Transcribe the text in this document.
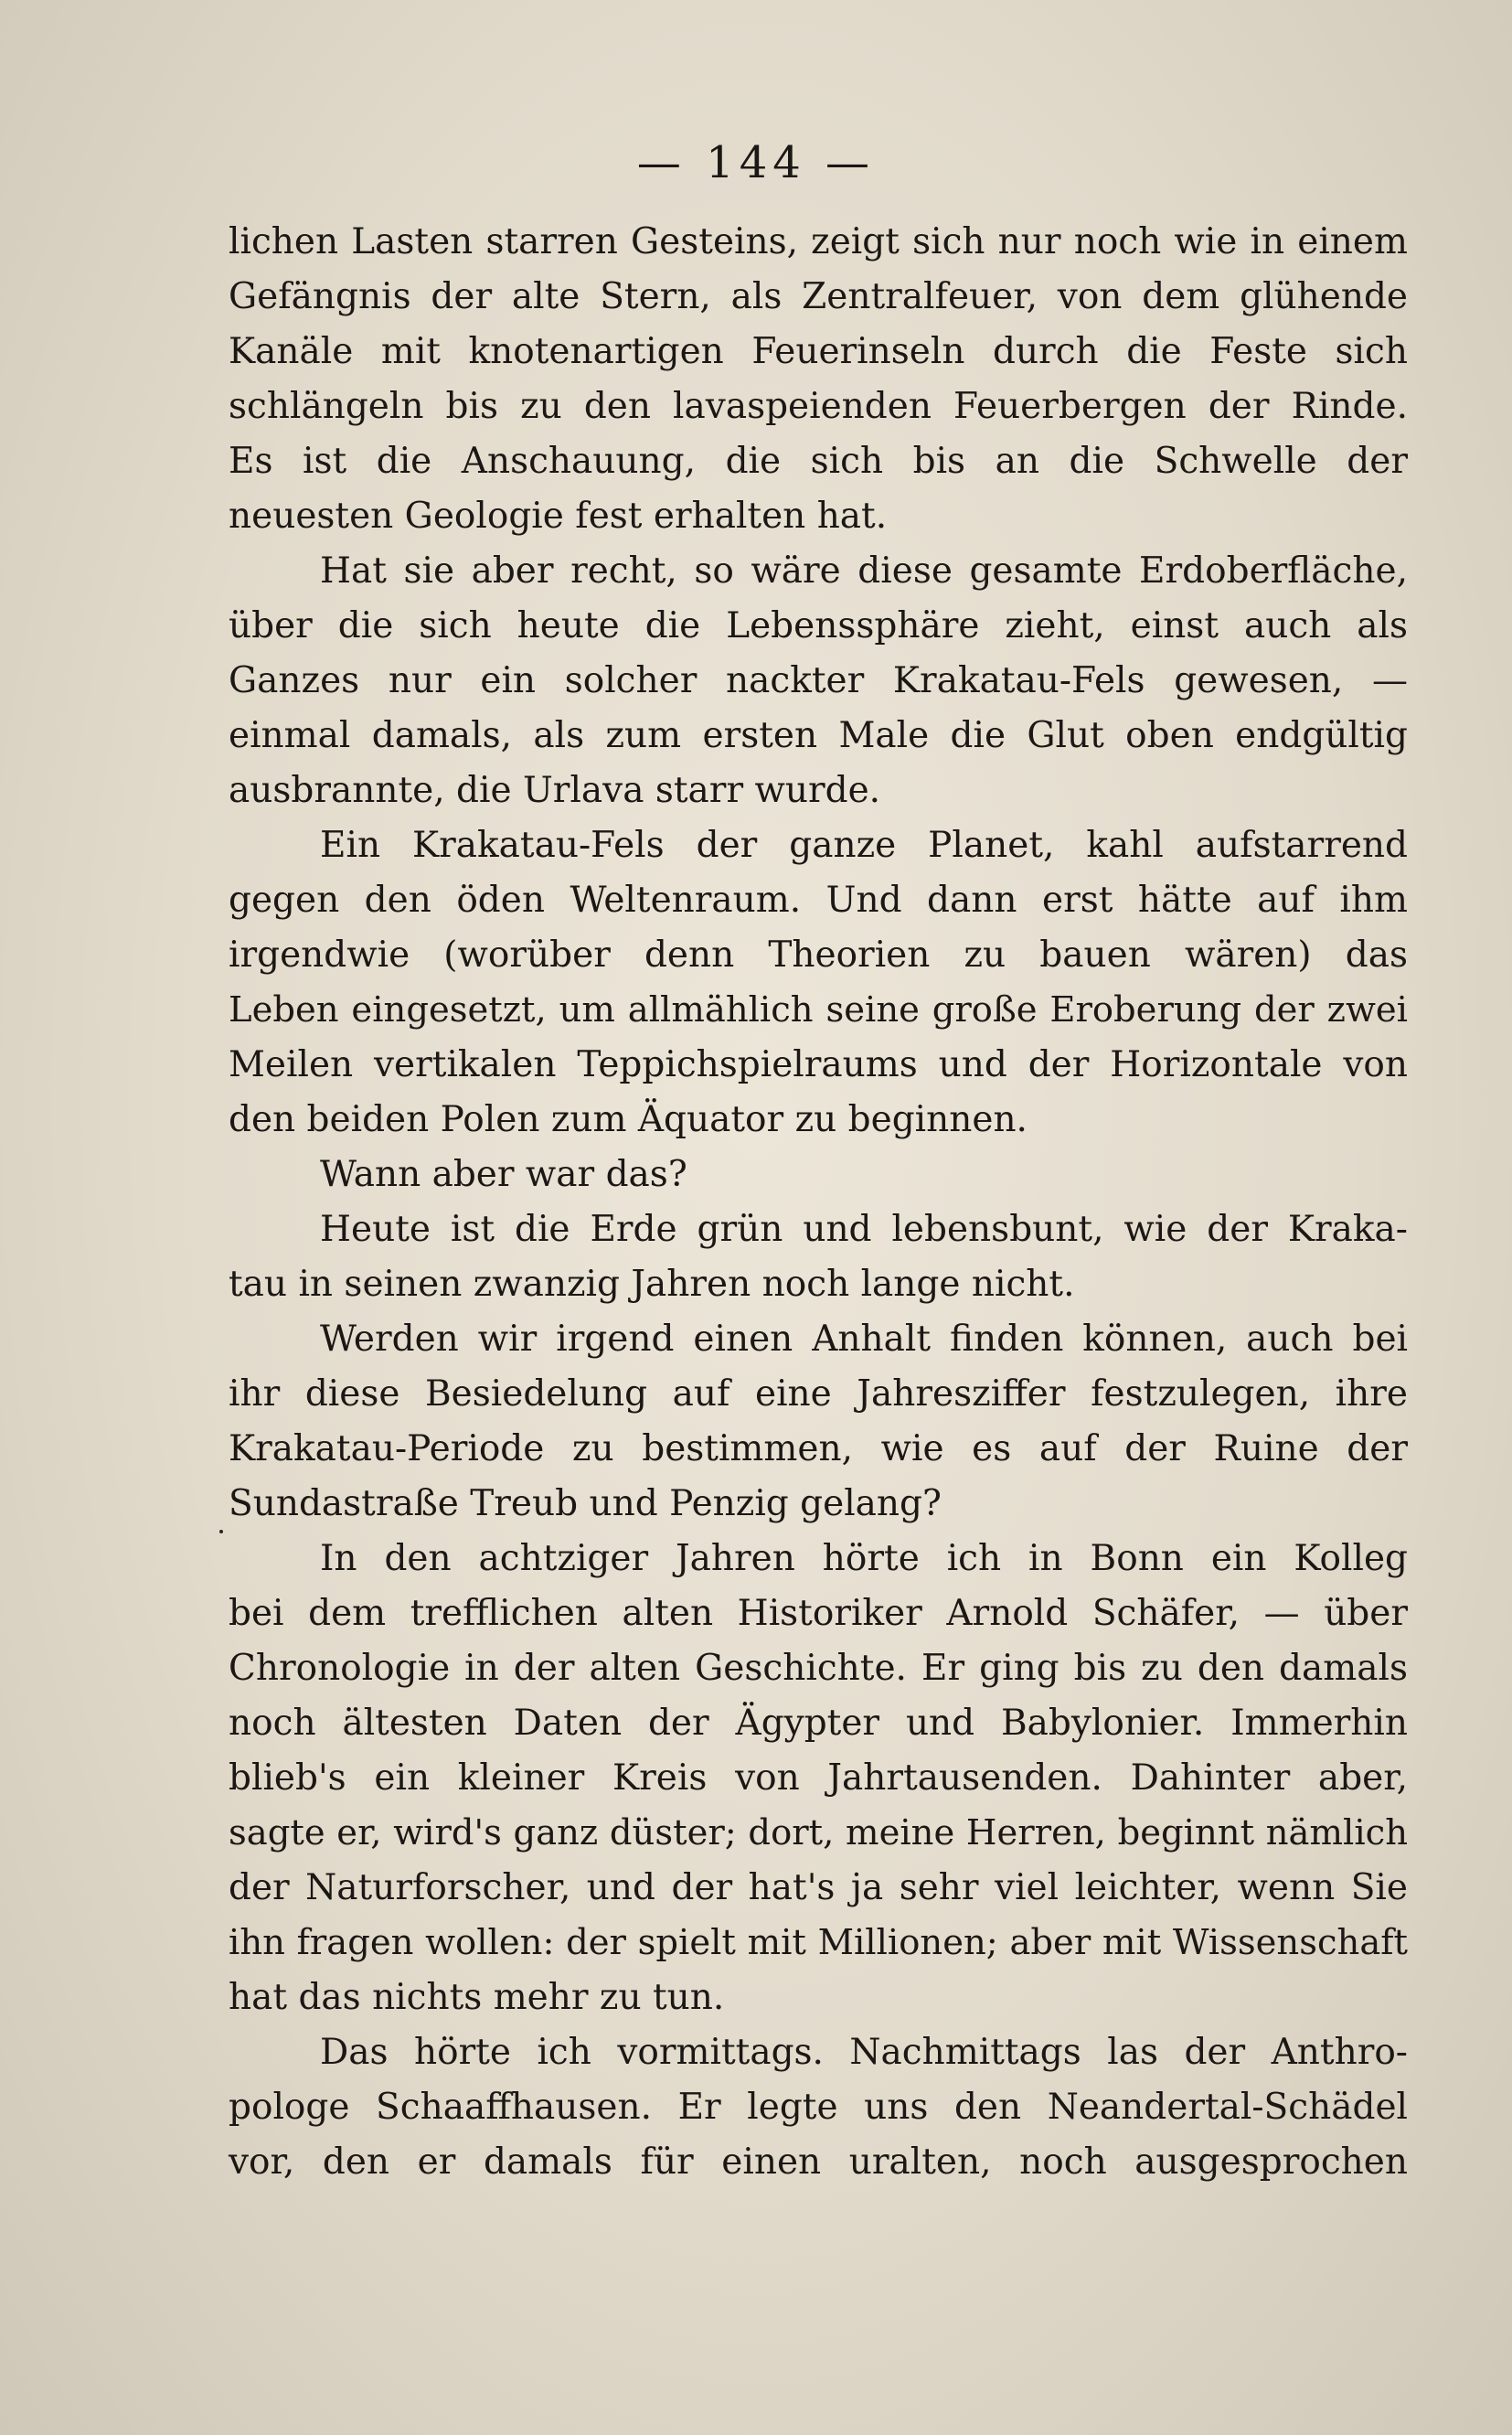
— 144 —
lichen Lasten starren Gesteins, zeigt sich nur noch wie in einem
Gefängnis der alte Stern, als Zentralfeuer, von dem glühende
Kanäle mit knotenartigen Feuerinseln durch die Feste sich
schlängeln bis zu den lavaspeienden Feuerbergen der Rinde.
Es ist die Anschauung, die sich bis an die Schwelle der
neuesten Geologie fest erhalten hat.
Hat sie aber recht, so wäre diese gesamte Erdoberfläche,
über die sich heute die Lebenssphäre zieht, einst auch als
Ganzes nur ein solcher nackter Krakatau-Fels gewesen, —
einmal damals, als zum ersten Male die Glut oben endgültig
ausbrannte, die Urlava starr wurde.
Ein Krakatau-Fels der ganze Planet, kahl aufstarrend
gegen den öden Weltenraum. Und dann erst hätte auf ihm
irgendwie (worüber denn Theorien zu bauen wären) das
Leben eingesetzt, um allmählich seine große Eroberung der zwei
Meilen vertikalen Teppichspielraums und der Horizontale von
den beiden Polen zum Äquator zu beginnen.
Wann aber war das?
Heute ist die Erde grün und lebensbunt, wie der Kraka-
tau in seinen zwanzig Jahren noch lange nicht.
Werden wir irgend einen Anhalt finden können, auch bei
ihr diese Besiedelung auf eine Jahresziffer festzulegen, ihre
Krakatau-Periode zu bestimmen, wie es auf der Ruine der
Sundastraße Treub und Penzig gelang?
In den achtziger Jahren hörte ich in Bonn ein Kolleg
bei dem trefflichen alten Historiker Arnold Schäfer, — über
Chronologie in der alten Geschichte. Er ging bis zu den damals
noch ältesten Daten der Ägypter und Babylonier. Immerhin
blieb's ein kleiner Kreis von Jahrtausenden. Dahinter aber,
sagte er, wird's ganz düster; dort, meine Herren, beginnt nämlich
der Naturforscher, und der hat's ja sehr viel leichter, wenn Sie
ihn fragen wollen: der spielt mit Millionen; aber mit Wissenschaft
hat das nichts mehr zu tun.
Das hörte ich vormittags. Nachmittags las der Anthro-
pologe Schaaffhausen. Er legte uns den Neandertal-Schädel
vor, den er damals für einen uralten, noch ausgesprochen
